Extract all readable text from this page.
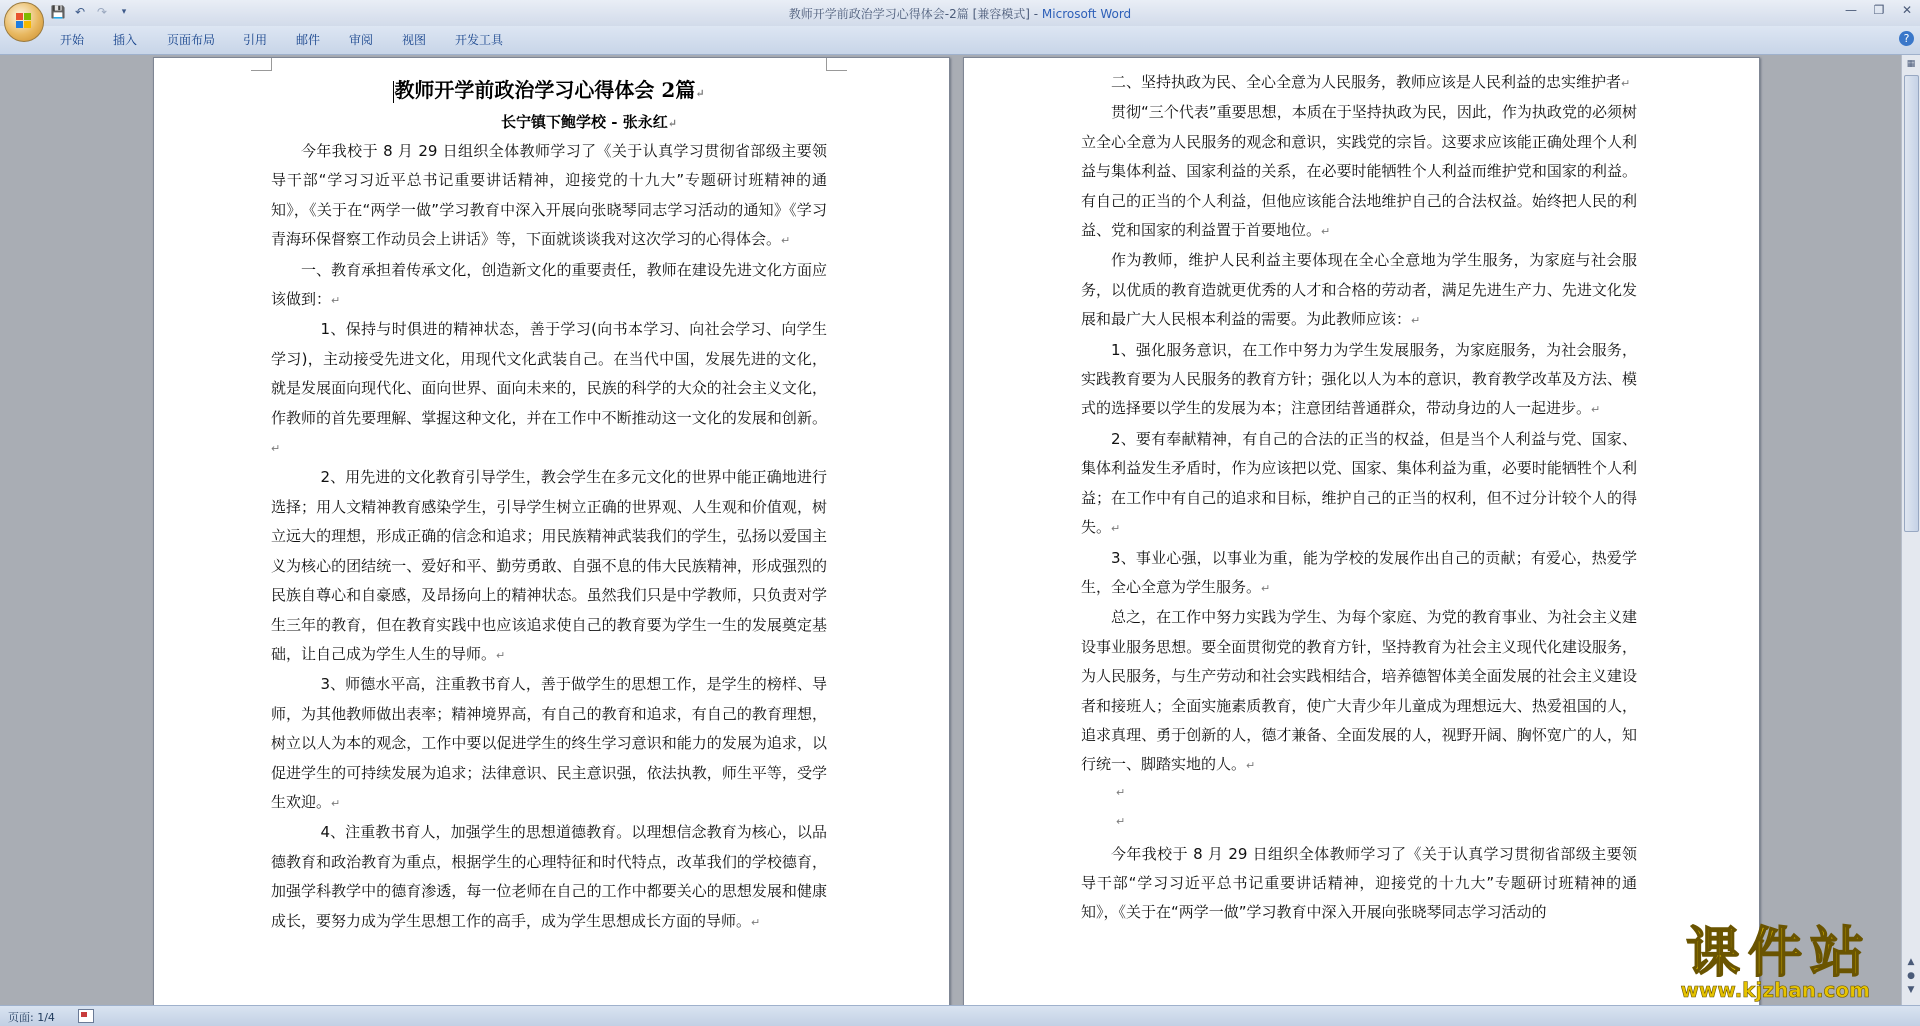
💾 ↶ ↷	▾	教师开学前政治学习心得体会-2篇 [兼容模式] - Microsoft Word	— ❐ ✕
开始 插入 页面布局 引用 邮件 审阅 视图 开发工具	?
教师开学前政治学习心得体会 2篇↵
长宁镇下鲍学校 - 张永红↵

今年我校于 8 月 29 日组织全体教师学习了《关于认真学习贯彻省部级主要领导干部“学习习近平总书记重要讲话精神，迎接党的十九大”专题研讨班精神的通知》，《关于在“两学一做”学习教育中深入开展向张晓琴同志学习活动的通知》《学习青海环保督察工作动员会上讲话》等，下面就谈谈我对这次学习的心得体会。↵

一、教育承担着传承文化，创造新文化的重要责任，教师在建设先进文化方面应该做到：↵

1、保持与时俱进的精神状态，善于学习(向书本学习、向社会学习、向学生学习)，主动接受先进文化，用现代文化武装自己。在当代中国，发展先进的文化，就是发展面向现代化、面向世界、面向未来的，民族的科学的大众的社会主义文化，作教师的首先要理解、掌握这种文化，并在工作中不断推动这一文化的发展和创新。↵

2、用先进的文化教育引导学生，教会学生在多元文化的世界中能正确地进行选择；用人文精神教育感染学生，引导学生树立正确的世界观、人生观和价值观，树立远大的理想，形成正确的信念和追求；用民族精神武装我们的学生，弘扬以爱国主义为核心的团结统一、爱好和平、勤劳勇敢、自强不息的伟大民族精神，形成强烈的民族自尊心和自豪感，及昂扬向上的精神状态。虽然我们只是中学教师，只负责对学生三年的教育，但在教育实践中也应该追求使自己的教育要为学生一生的发展奠定基础，让自己成为学生人生的导师。↵

3、师德水平高，注重教书育人，善于做学生的思想工作，是学生的榜样、导师，为其他教师做出表率；精神境界高，有自己的教育和追求，有自己的教育理想，树立以人为本的观念，工作中要以促进学生的终生学习意识和能力的发展为追求，以促进学生的可持续发展为追求；法律意识、民主意识强，依法执教，师生平等，受学生欢迎。↵

4、注重教书育人，加强学生的思想道德教育。以理想信念教育为核心，以品德教育和政治教育为重点，根据学生的心理特征和时代特点，改革我们的学校德育，加强学科教学中的德育渗透，每一位老师在自己的工作中都要关心的思想发展和健康成长，要努力成为学生思想工作的高手，成为学生思想成长方面的导师。↵

二、坚持执政为民、全心全意为人民服务，教师应该是人民利益的忠实维护者↵

贯彻“三个代表”重要思想，本质在于坚持执政为民，因此，作为执政党的必须树立全心全意为人民服务的观念和意识，实践党的宗旨。这要求应该能正确处理个人利益与集体利益、国家利益的关系，在必要时能牺牲个人利益而维护党和国家的利益。有自己的正当的个人利益，但他应该能合法地维护自己的合法权益。始终把人民的利益、党和国家的利益置于首要地位。↵

作为教师，维护人民利益主要体现在全心全意地为学生服务，为家庭与社会服务，以优质的教育造就更优秀的人才和合格的劳动者，满足先进生产力、先进文化发展和最广大人民根本利益的需要。为此教师应该：↵

1、强化服务意识，在工作中努力为学生发展服务，为家庭服务，为社会服务，实践教育要为人民服务的教育方针；强化以人为本的意识，教育教学改革及方法、模式的选择要以学生的发展为本；注意团结普通群众，带动身边的人一起进步。↵

2、要有奉献精神，有自己的合法的正当的权益，但是当个人利益与党、国家、集体利益发生矛盾时，作为应该把以党、国家、集体利益为重，必要时能牺牲个人利益；在工作中有自己的追求和目标，维护自己的正当的权利，但不过分计较个人的得失。↵

3、事业心强，以事业为重，能为学校的发展作出自己的贡献；有爱心，热爱学生，全心全意为学生服务。↵

总之，在工作中努力实践为学生、为每个家庭、为党的教育事业、为社会主义建设事业服务思想。要全面贯彻党的教育方针，坚持教育为社会主义现代化建设服务，为人民服务，与生产劳动和社会实践相结合，培养德智体美全面发展的社会主义建设者和接班人；全面实施素质教育，使广大青少年儿童成为理想远大、热爱祖国的人，追求真理、勇于创新的人，德才兼备、全面发展的人，视野开阔、胸怀宽广的人，知行统一、脚踏实地的人。↵

↵
↵

今年我校于 8 月 29 日组织全体教师学习了《关于认真学习贯彻省部级主要领导干部“学习习近平总书记重要讲话精神，迎接党的十九大”专题研讨班精神的通知》，《关于在“两学一做”学习教育中深入开展向张晓琴同志学习活动的

▦
▲
●
▼
页面: 1/4
课件站
www.kjzhan.com
